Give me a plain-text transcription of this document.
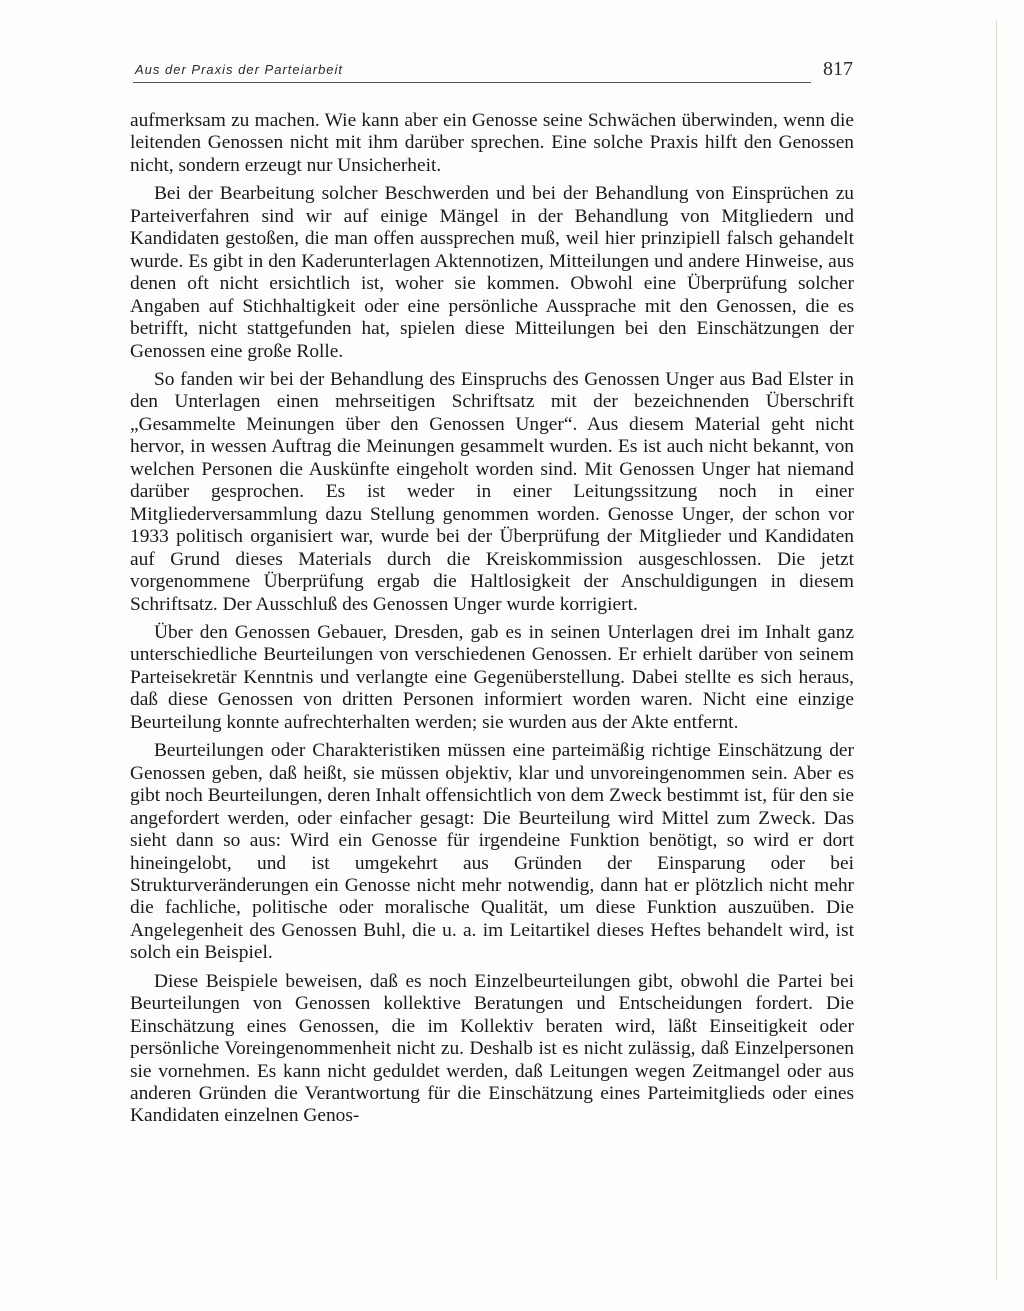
Aus der Praxis der Parteiarbeit	817

aufmerksam zu machen. Wie kann aber ein Genosse seine Schwächen überwinden, wenn die leitenden Genossen nicht mit ihm darüber sprechen. Eine solche Praxis hilft den Genossen nicht, sondern erzeugt nur Unsicherheit.

Bei der Bearbeitung solcher Beschwerden und bei der Behandlung von Einsprüchen zu Parteiverfahren sind wir auf einige Mängel in der Behandlung von Mitgliedern und Kandidaten gestoßen, die man offen aussprechen muß, weil hier prinzipiell falsch gehandelt wurde. Es gibt in den Kaderunterlagen Aktennotizen, Mitteilungen und andere Hinweise, aus denen oft nicht ersichtlich ist, woher sie kommen. Obwohl eine Überprüfung solcher Angaben auf Stichhaltigkeit oder eine persönliche Aussprache mit den Genossen, die es betrifft, nicht stattgefunden hat, spielen diese Mitteilungen bei den Einschätzungen der Genossen eine große Rolle.

So fanden wir bei der Behandlung des Einspruchs des Genossen Unger aus Bad Elster in den Unterlagen einen mehrseitigen Schriftsatz mit der bezeichnenden Überschrift „Gesammelte Meinungen über den Genossen Unger“. Aus diesem Material geht nicht hervor, in wessen Auftrag die Meinungen gesammelt wurden. Es ist auch nicht bekannt, von welchen Personen die Auskünfte eingeholt worden sind. Mit Genossen Unger hat niemand darüber gesprochen. Es ist weder in einer Leitungssitzung noch in einer Mitgliederversammlung dazu Stellung genommen worden. Genosse Unger, der schon vor 1933 politisch organisiert war, wurde bei der Überprüfung der Mitglieder und Kandidaten auf Grund dieses Materials durch die Kreiskommission ausgeschlossen. Die jetzt vorgenommene Überprüfung ergab die Haltlosigkeit der Anschuldigungen in diesem Schriftsatz. Der Ausschluß des Genossen Unger wurde korrigiert.

Über den Genossen Gebauer, Dresden, gab es in seinen Unterlagen drei im Inhalt ganz unterschiedliche Beurteilungen von verschiedenen Genossen. Er erhielt darüber von seinem Parteisekretär Kenntnis und verlangte eine Gegenüberstellung. Dabei stellte es sich heraus, daß diese Genossen von dritten Personen informiert worden waren. Nicht eine einzige Beurteilung konnte aufrechterhalten werden; sie wurden aus der Akte entfernt.

Beurteilungen oder Charakteristiken müssen eine parteimäßig richtige Einschätzung der Genossen geben, daß heißt, sie müssen objektiv, klar und unvoreingenommen sein. Aber es gibt noch Beurteilungen, deren Inhalt offensichtlich von dem Zweck bestimmt ist, für den sie angefordert werden, oder einfacher gesagt: Die Beurteilung wird Mittel zum Zweck. Das sieht dann so aus: Wird ein Genosse für irgendeine Funktion benötigt, so wird er dort hineingelobt, und ist umgekehrt aus Gründen der Einsparung oder bei Strukturveränderungen ein Genosse nicht mehr notwendig, dann hat er plötzlich nicht mehr die fachliche, politische oder moralische Qualität, um diese Funktion auszuüben. Die Angelegenheit des Genossen Buhl, die u. a. im Leitartikel dieses Heftes behandelt wird, ist solch ein Beispiel.

Diese Beispiele beweisen, daß es noch Einzelbeurteilungen gibt, obwohl die Partei bei Beurteilungen von Genossen kollektive Beratungen und Entscheidungen fordert. Die Einschätzung eines Genossen, die im Kollektiv beraten wird, läßt Einseitigkeit oder persönliche Voreingenommenheit nicht zu. Deshalb ist es nicht zulässig, daß Einzelpersonen sie vornehmen. Es kann nicht geduldet werden, daß Leitungen wegen Zeitmangel oder aus anderen Gründen die Verantwortung für die Einschätzung eines Parteimitglieds oder eines Kandidaten einzelnen Genos-
